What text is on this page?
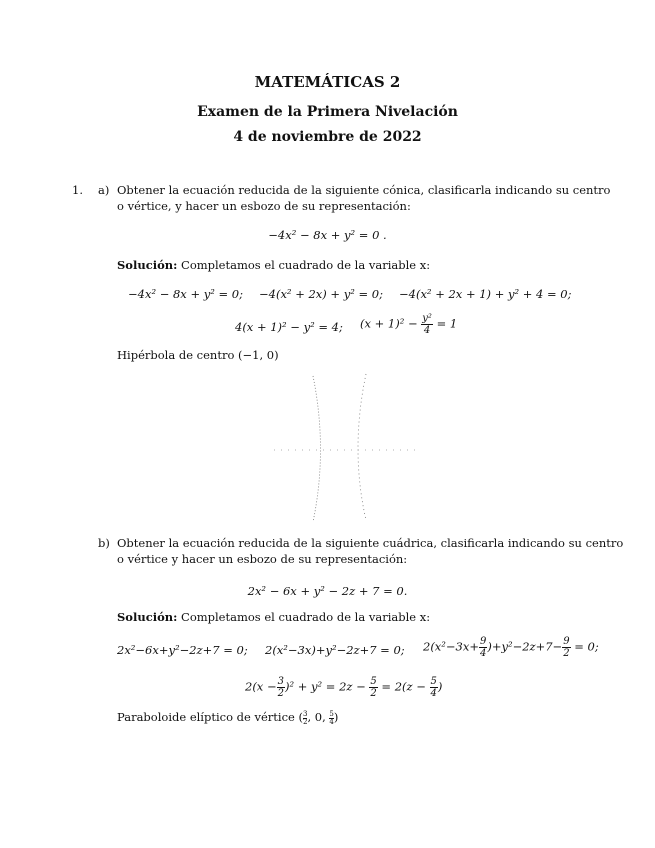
MATEMÁTICAS 2
Examen de la Primera Nivelación
4 de noviembre de 2022
1. a) Obtener la ecuación reducida de la siguiente cónica, clasificarla indicando su centro
o vértice, y hacer un esbozo de su representación:
−4x² − 8x + y² = 0 .
Solución: Completamos el cuadrado de la variable x:
−4x² − 8x + y² = 0; −4(x² + 2x) + y² = 0; −4(x² + 2x + 1) + y² + 4 = 0;
4(x + 1)² − y² = 4; $(x + 1)^2 - \frac{\text{y²}}{4} = 1$
Hipérbola de centro (−1, 0)
b) Obtener la ecuación reducida de la siguiente cuádrica, clasificarla indicando su centro
o vértice y hacer un esbozo de su representación:
2x² − 6x + y² − 2z + 7 = 0.
Solución: Completamos el cuadrado de la variable x:
2x²−6x+y²−2z+7 = 0; 2(x²−3x)+y²−2z+7 = 0; $2(x^2-3x+ \frac{9}{4} )+y^2-2z+7- \frac{9}{2} = 0$;
$2(x - \frac{3}{2} )^2 + y^2 = 2z - \frac{5}{2} = 2(z - \frac{5}{4}$ )
Paraboloide elíptico de vértice ( $\frac{3}{2}$, 0, $\frac{5}{4}$)
